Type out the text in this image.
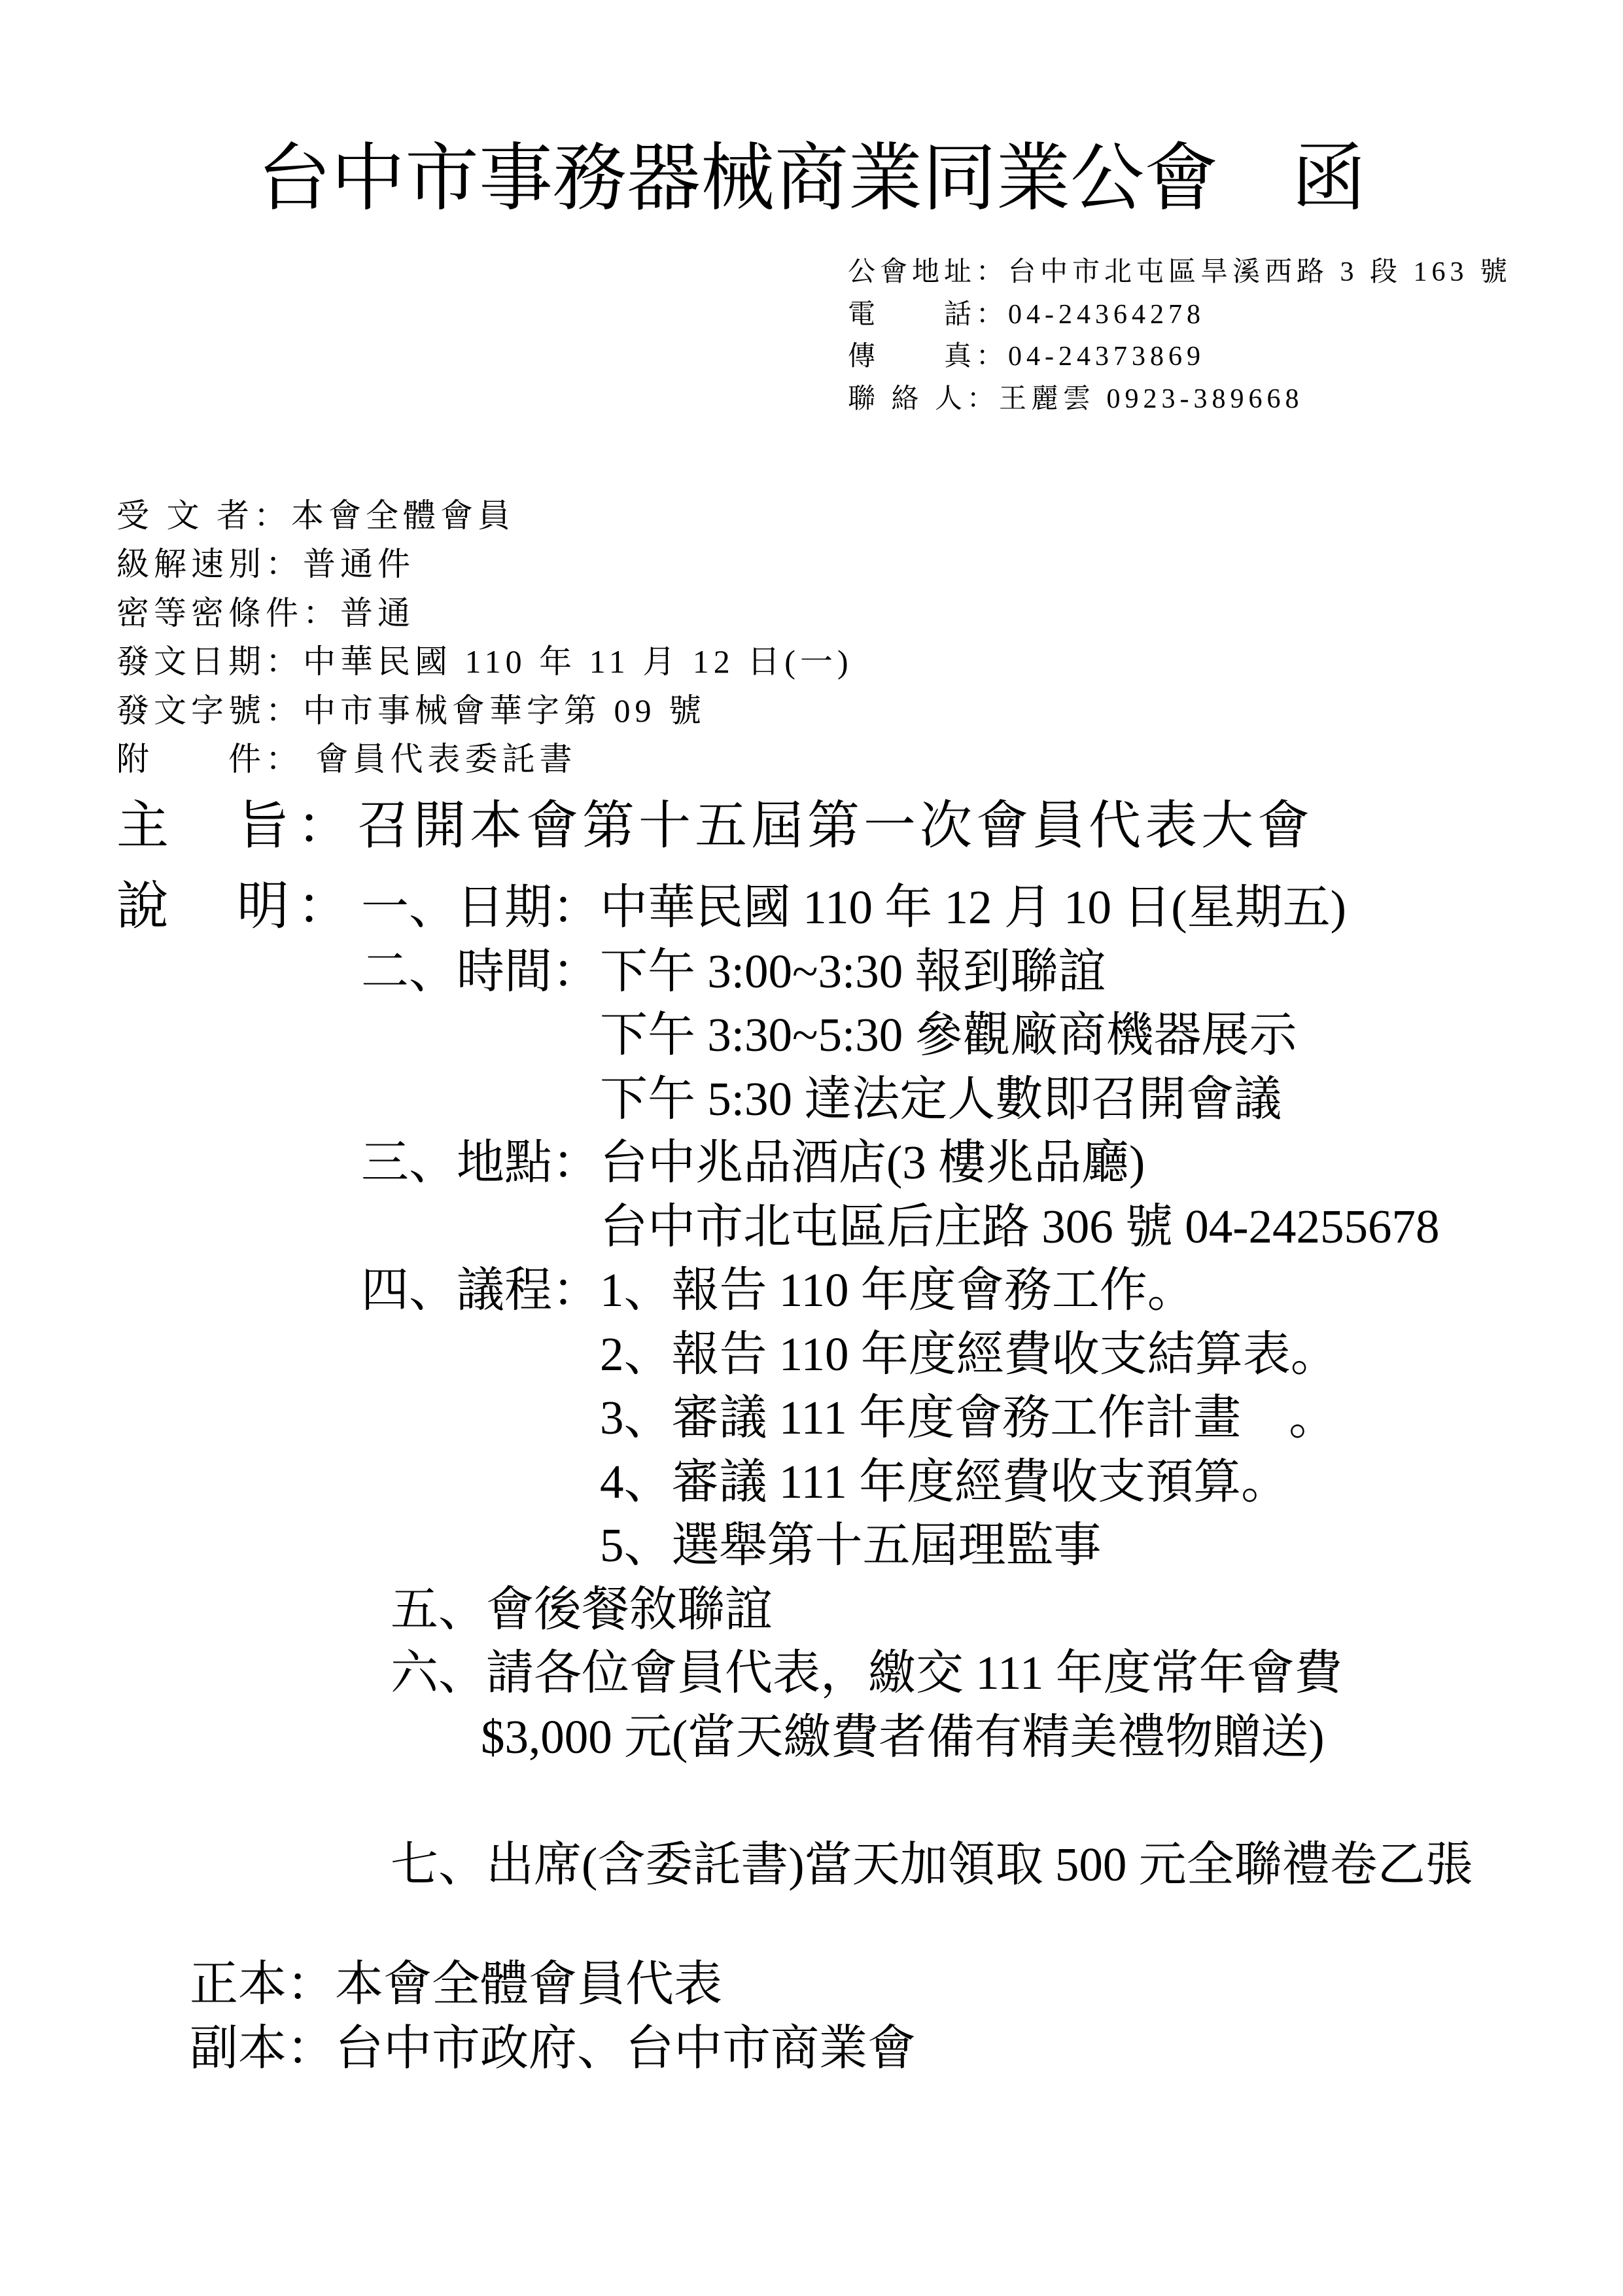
台中市事務器械商業同業公會　函
公會地址：台中市北屯區旱溪西路 3 段 163 號
電　　話：04-24364278
傳　　真：04-24373869
聯 絡 人：王麗雲 0923-389668
受 文 者：本會全體會員
級解速別：普通件
密等密條件：普通
發文日期：中華民國 110 年 11 月 12 日(一)
發文字號：中市事械會華字第 09 號
附　　件： 會員代表委託書
主　旨：召開本會第十五屆第一次會員代表大會
說　明： 一、日期： 中華民國 110 年 12 月 10 日(星期五)
二、時間： 下午 3:00~3:30 報到聯誼
下午 3:30~5:30 參觀廠商機器展示
下午 5:30 達法定人數即召開會議
三、地點： 台中兆品酒店(3 樓兆品廳)
台中市北屯區后庄路 306 號 04-24255678
四、議程： 1、報告 110 年度會務工作。
2、報告 110 年度經費收支結算表。
3、審議 111 年度會務工作計畫　。
4、審議 111 年度經費收支預算。
5、選舉第十五屆理監事
五、會後餐敘聯誼
六、請各位會員代表，繳交 111 年度常年會費
$3,000 元(當天繳費者備有精美禮物贈送)
七、出席(含委託書)當天加領取 500 元全聯禮卷乙張
正本：本會全體會員代表
副本：台中市政府、台中市商業會
